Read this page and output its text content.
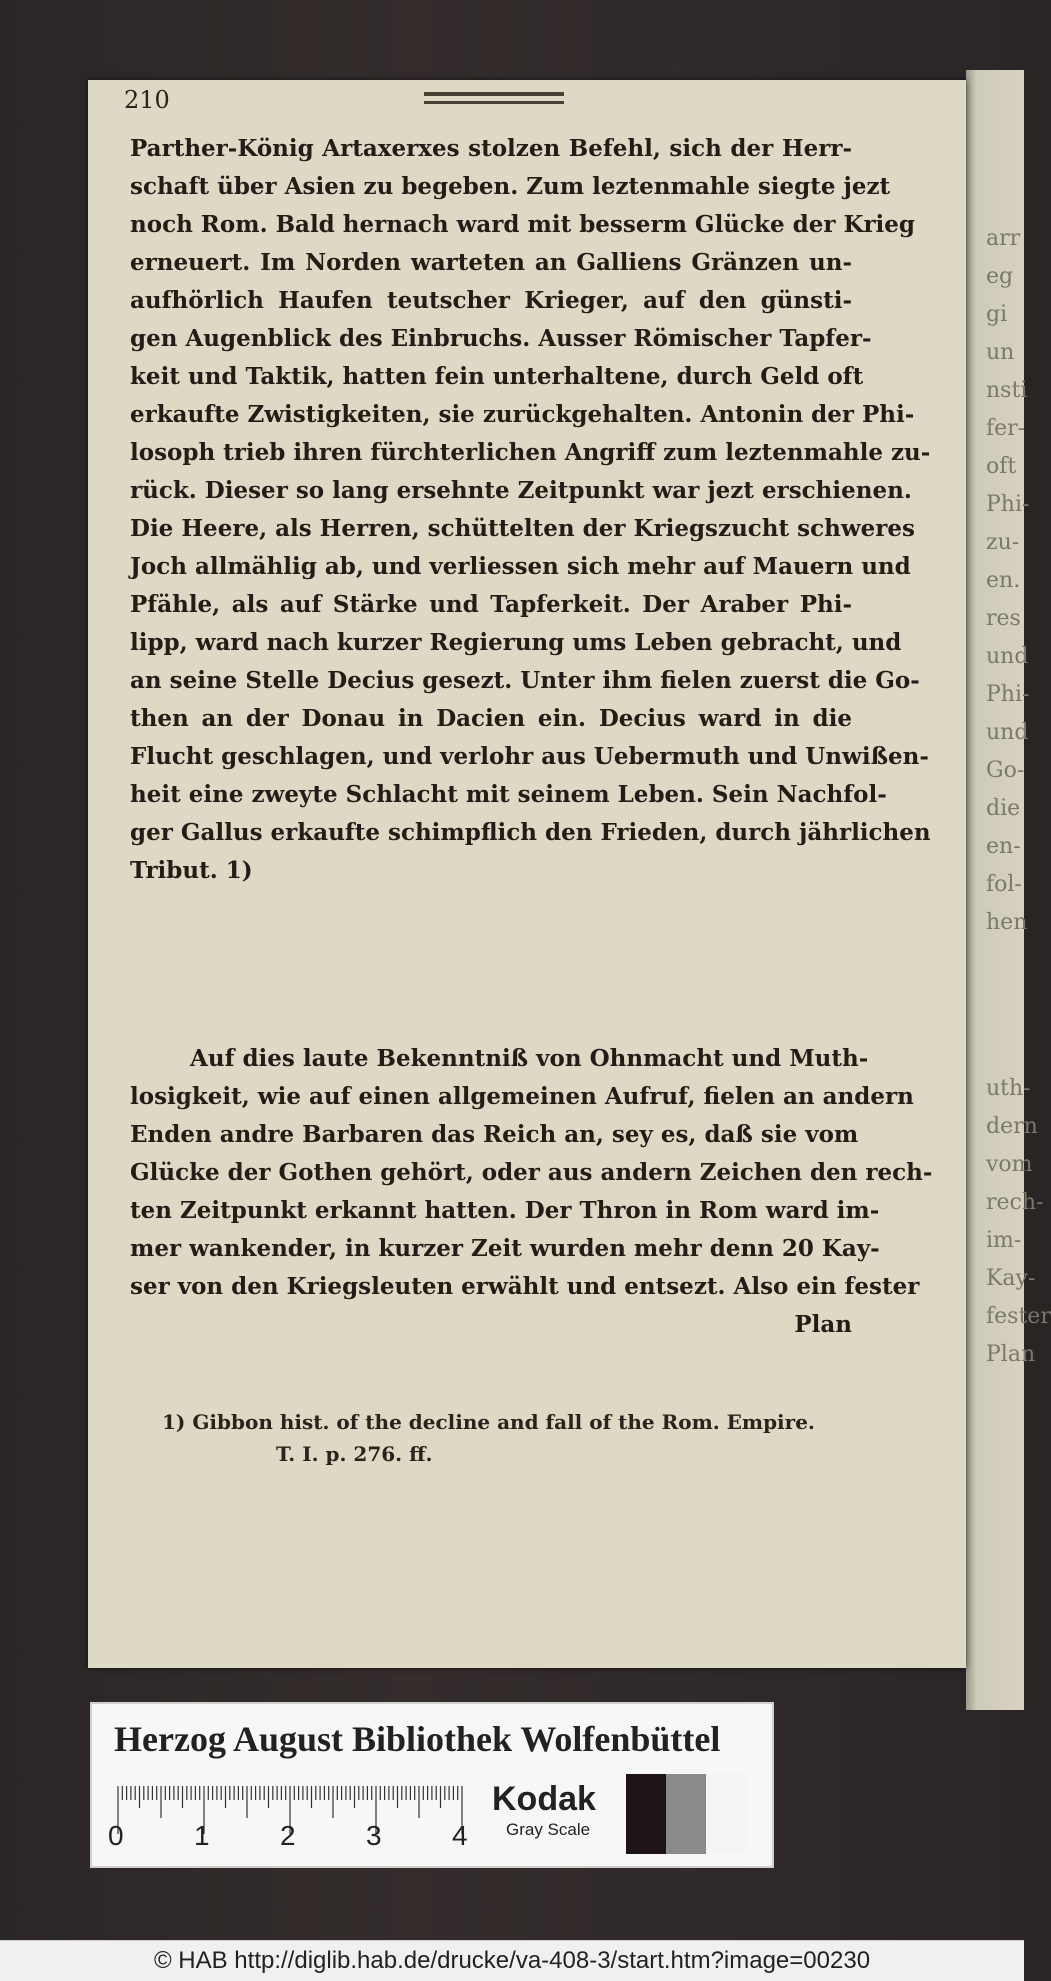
arr
eg
gi
un
nsti
fer-
oft
Phi-
zu-
en.
res
und
Phi-
und
Go-
die
en-
fol-
hen
uth-
dern
vom
rech-
im-
Kay-
fester
Plan
210
Parther-König Artaxerxes stolzen Befehl, sich der Herr-
schaft über Asien zu begeben. Zum leztenmahle siegte jezt
noch Rom. Bald hernach ward mit besserm Glücke der Krieg
erneuert. Im Norden warteten an Galliens Gränzen un-
aufhörlich Haufen teutscher Krieger, auf den günsti-
gen Augenblick des Einbruchs. Ausser Römischer Tapfer-
keit und Taktik, hatten fein unterhaltene, durch Geld oft
erkaufte Zwistigkeiten, sie zurückgehalten. Antonin der Phi-
losoph trieb ihren fürchterlichen Angriff zum leztenmahle zu-
rück. Dieser so lang ersehnte Zeitpunkt war jezt erschienen.
Die Heere, als Herren, schüttelten der Kriegszucht schweres
Joch allmählig ab, und verliessen sich mehr auf Mauern und
Pfähle, als auf Stärke und Tapferkeit. Der Araber Phi-
lipp, ward nach kurzer Regierung ums Leben gebracht, und
an seine Stelle Decius gesezt. Unter ihm fielen zuerst die Go-
then an der Donau in Dacien ein. Decius ward in die
Flucht geschlagen, und verlohr aus Uebermuth und Unwißen-
heit eine zweyte Schlacht mit seinem Leben. Sein Nachfol-
ger Gallus erkaufte schimpflich den Frieden, durch jährlichen
Tribut. 1)
Auf dies laute Bekenntniß von Ohnmacht und Muth-
losigkeit, wie auf einen allgemeinen Aufruf, fielen an andern
Enden andre Barbaren das Reich an, sey es, daß sie vom
Glücke der Gothen gehört, oder aus andern Zeichen den rech-
ten Zeitpunkt erkannt hatten. Der Thron in Rom ward im-
mer wankender, in kurzer Zeit wurden mehr denn 20 Kay-
ser von den Kriegsleuten erwählt und entsezt. Also ein fester
Plan
1) Gibbon hist. of the decline and fall of the Rom. Empire.
T. I. p. 276. ff.
Herzog August Bibliothek Wolfenbüttel
0	1	2	3	4
Kodak
Gray Scale
© HAB http://diglib.hab.de/drucke/va-408-3/start.htm?image=00230
